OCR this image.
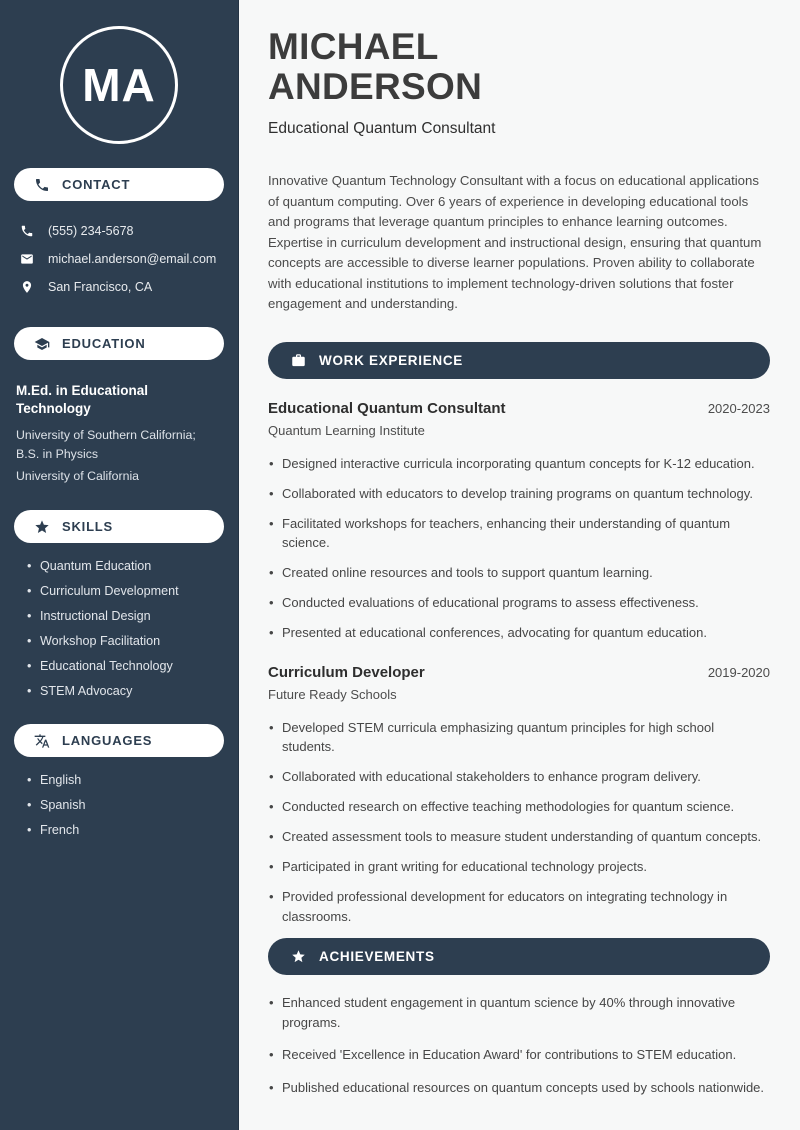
MA
CONTACT
(555) 234-5678
michael.anderson@email.com
San Francisco, CA
EDUCATION
M.Ed. in Educational Technology
University of Southern California; B.S. in Physics
University of California
SKILLS
• Quantum Education
• Curriculum Development
• Instructional Design
• Workshop Facilitation
• Educational Technology
• STEM Advocacy
LANGUAGES
• English
• Spanish
• French
MICHAEL
ANDERSON
Educational Quantum Consultant

Innovative Quantum Technology Consultant with a focus on educational applications of quantum computing. Over 6 years of experience in developing educational tools and programs that leverage quantum principles to enhance learning outcomes. Expertise in curriculum development and instructional design, ensuring that quantum concepts are accessible to diverse learner populations. Proven ability to collaborate with educational institutions to implement technology-driven solutions that foster engagement and understanding.

WORK EXPERIENCE
Educational Quantum Consultant	2020-2023
Quantum Learning Institute
• Designed interactive curricula incorporating quantum concepts for K-12 education.
• Collaborated with educators to develop training programs on quantum technology.
• Facilitated workshops for teachers, enhancing their understanding of quantum science.
• Created online resources and tools to support quantum learning.
• Conducted evaluations of educational programs to assess effectiveness.
• Presented at educational conferences, advocating for quantum education.
Curriculum Developer	2019-2020
Future Ready Schools
• Developed STEM curricula emphasizing quantum principles for high school students.
• Collaborated with educational stakeholders to enhance program delivery.
• Conducted research on effective teaching methodologies for quantum science.
• Created assessment tools to measure student understanding of quantum concepts.
• Participated in grant writing for educational technology projects.
• Provided professional development for educators on integrating technology in classrooms.
ACHIEVEMENTS
• Enhanced student engagement in quantum science by 40% through innovative programs.
• Received 'Excellence in Education Award' for contributions to STEM education.
• Published educational resources on quantum concepts used by schools nationwide.
